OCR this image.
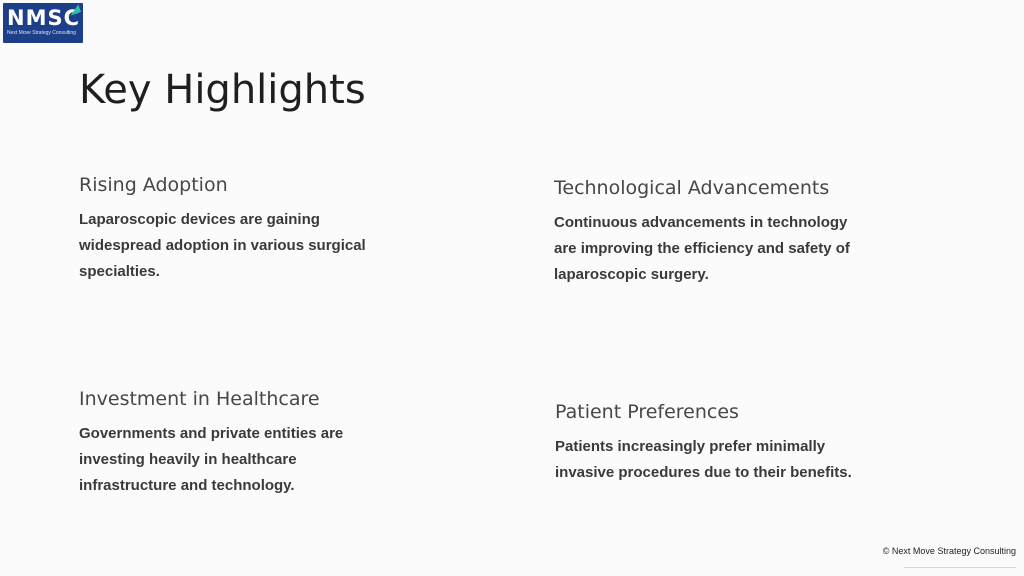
NMSC
Next Move Strategy Consulting
Key Highlights
Rising Adoption

Laparoscopic devices are gaining widespread adoption in various surgical specialties.

Technological Advancements

Continuous advancements in technology are improving the efficiency and safety of laparoscopic surgery.

Investment in Healthcare

Governments and private entities are investing heavily in healthcare infrastructure and technology.

Patient Preferences

Patients increasingly prefer minimally invasive procedures due to their benefits.

© Next Move Strategy Consulting
